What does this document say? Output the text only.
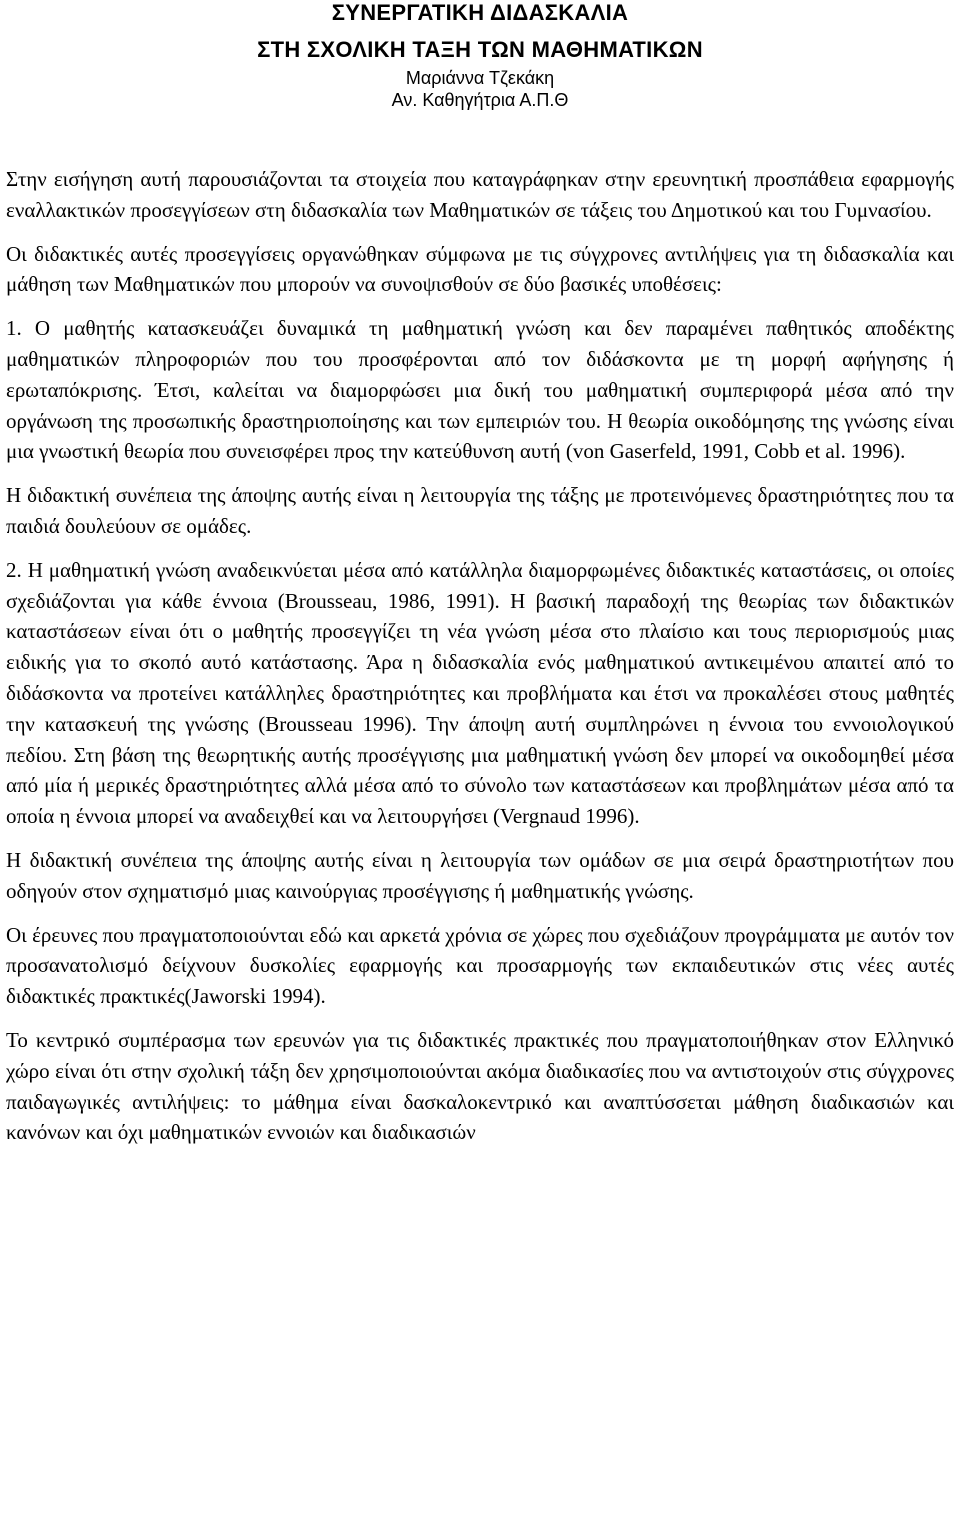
ΣΥΝΕΡΓΑΤΙΚΗ ΔΙΔΑΣΚΑΛΙΑ
ΣΤΗ ΣΧΟΛΙΚΗ ΤΑΞΗ ΤΩΝ ΜΑΘΗΜΑΤΙΚΩΝ

Μαριάννα Τζεκάκη

Αν. Καθηγήτρια Α.Π.Θ

Στην εισήγηση αυτή παρουσιάζονται τα στοιχεία που καταγράφηκαν στην ερευνητική προσπάθεια εφαρμογής εναλλακτικών προσεγγίσεων στη διδασκαλία των Μαθηματικών σε τάξεις του Δημοτικού και του Γυμνασίου.

Οι διδακτικές αυτές προσεγγίσεις οργανώθηκαν σύμφωνα με τις σύγχρονες αντιλήψεις για τη διδασκαλία και μάθηση των Μαθηματικών που μπορούν να συνοψισθούν σε δύο βασικές υποθέσεις:

1. Ο μαθητής κατασκευάζει δυναμικά τη μαθηματική γνώση και δεν παραμένει παθητικός αποδέκτης μαθηματικών πληροφοριών που του προσφέρονται από τον διδάσκοντα με τη μορφή αφήγησης ή ερωταπόκρισης. Έτσι, καλείται να διαμορφώσει μια δική του μαθηματική συμπεριφορά μέσα από την οργάνωση της προσωπικής δραστηριοποίησης και των εμπειριών του. Η θεωρία οικοδόμησης της γνώσης είναι μια γνωστική θεωρία που συνεισφέρει προς την κατεύθυνση αυτή (von Gaserfeld, 1991, Cobb et al. 1996).

Η διδακτική συνέπεια της άποψης αυτής είναι η λειτουργία της τάξης με προτεινόμενες δραστηριότητες που τα παιδιά δουλεύουν σε ομάδες.

2. Η μαθηματική γνώση αναδεικνύεται μέσα από κατάλληλα διαμορφωμένες διδακτικές καταστάσεις, οι οποίες σχεδιάζονται για κάθε έννοια (Brousseau, 1986, 1991). Η βασική παραδοχή της θεωρίας των διδακτικών καταστάσεων είναι ότι ο μαθητής προσεγγίζει τη νέα γνώση μέσα στο πλαίσιο και τους περιορισμούς μιας ειδικής για το σκοπό αυτό κατάστασης. Άρα η διδασκαλία ενός μαθηματικού αντικειμένου απαιτεί από το διδάσκοντα να προτείνει κατάλληλες δραστηριότητες και προβλήματα και έτσι να προκαλέσει στους μαθητές την κατασκευή της γνώσης (Brousseau 1996). Την άποψη αυτή συμπληρώνει η έννοια του εννοιολογικού πεδίου. Στη βάση της θεωρητικής αυτής προσέγγισης μια μαθηματική γνώση δεν μπορεί να οικοδομηθεί μέσα από μία ή μερικές δραστηριότητες αλλά μέσα από το σύνολο των καταστάσεων και προβλημάτων μέσα από τα οποία η έννοια μπορεί να αναδειχθεί και να λειτουργήσει (Vergnaud 1996).

Η διδακτική συνέπεια της άποψης αυτής είναι η λειτουργία των ομάδων σε μια σειρά δραστηριοτήτων που οδηγούν στον σχηματισμό μιας καινούργιας προσέγγισης ή μαθηματικής γνώσης.

Οι έρευνες που πραγματοποιούνται εδώ και αρκετά χρόνια σε χώρες που σχεδιάζουν προγράμματα με αυτόν τον προσανατολισμό δείχνουν δυσκολίες εφαρμογής και προσαρμογής των εκπαιδευτικών στις νέες αυτές διδακτικές πρακτικές(Jaworski 1994).

Το κεντρικό συμπέρασμα των ερευνών για τις διδακτικές πρακτικές που πραγματοποιήθηκαν στον Ελληνικό χώρο είναι ότι στην σχολική τάξη δεν χρησιμοποιούνται ακόμα διαδικασίες που να αντιστοιχούν στις σύγχρονες παιδαγωγικές αντιλήψεις: το μάθημα είναι δασκαλοκεντρικό και αναπτύσσεται μάθηση διαδικασιών και κανόνων και όχι μαθηματικών εννοιών και διαδικασιών
